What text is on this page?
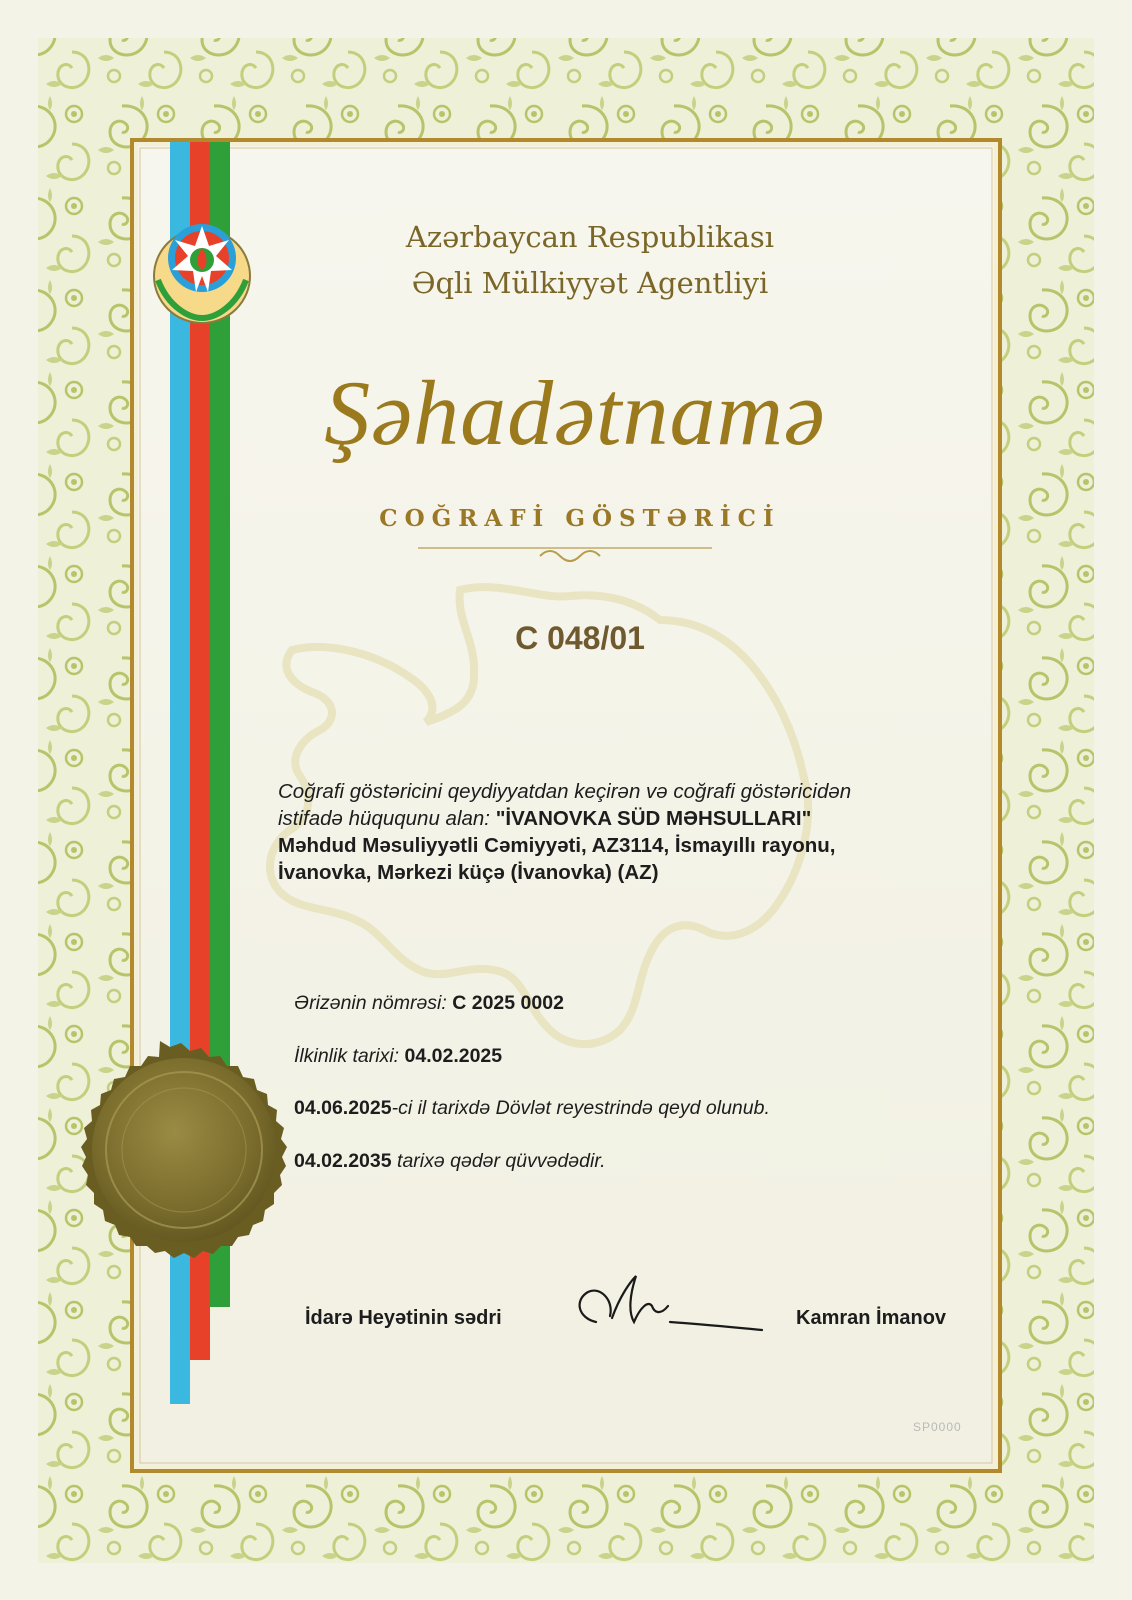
Azərbaycan Respublikası
Əqli Mülkiyyət Agentliyi
Şəhadətnamə
COĞRAFİ GÖSTƏRİCİ
C 048/01
Coğrafi göstəricini qeydiyyatdan keçirən və coğrafi göstəricidən
istifadə hüququnu alan: "İVANOVKA SÜD MƏHSULLARI"
Məhdud Məsuliyyətli Cəmiyyəti, AZ3114, İsmayıllı rayonu,
İvanovka, Mərkezi küçə (İvanovka) (AZ)
Ərizənin nömrəsi: C 2025 0002
İlkinlik tarixi: 04.02.2025
04.06.2025-ci il tarixdə Dövlət reyestrində qeyd olunub.
04.02.2035 tarixə qədər qüvvədədir.
İdarə Heyətinin sədri	Kamran İmanov
SP0000
